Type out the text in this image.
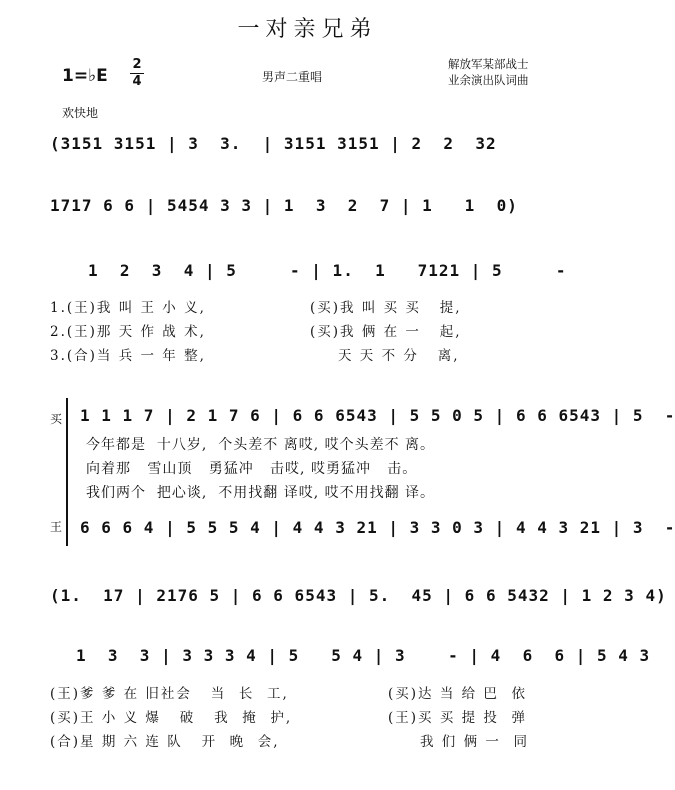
一对亲兄弟
1=♭E
2
4	男声二重唱
解放军某部战士
业余演出队词曲
欢快地
(3151 3151 | 3  3.  | 3151 3151 | 2  2  32
1717 6 6 | 5454 3 3 | 1  3  2  7 | 1   1  0)
1  2  3  4 | 5     - | 1.  1   7121 | 5     -
1.(王)我 叫 王 小 义,
2.(王)那 天 作 战 术,
3.(合)当 兵 一 年 整,
(买)我 叫 买 买   提,
(买)我 俩 在 一   起,
天 天 不 分   离,
买
王
1 1 1 7 | 2 1 7 6 | 6 6 6543 | 5 5 0 5 | 6 6 6543 | 5  -
今年都是  十八岁,  个头差不 离哎, 哎个头差不 离。
向着那   雪山顶   勇猛冲   击哎, 哎勇猛冲   击。
我们两个  把心谈,  不用找翻 译哎, 哎不用找翻 译。
6 6 6 4 | 5 5 5 4 | 4 4 3 21 | 3 3 0 3 | 4 4 3 21 | 3  -
(1.  17 | 2176 5 | 6 6 6543 | 5.  45 | 6 6 5432 | 1 2 3 4)
1  3  3 | 3 3 3 4 | 5   5 4 | 3    - | 4  6  6 | 5 4 3
(王)爹 爹 在 旧社会   当  长  工,
(买)王 小 义 爆   破   我  掩  护,
(合)星 期 六 连 队   开  晚  会,
(买)达 当 给 巴  依
(王)买 买 提 投  弹
我 们 俩 一  同
